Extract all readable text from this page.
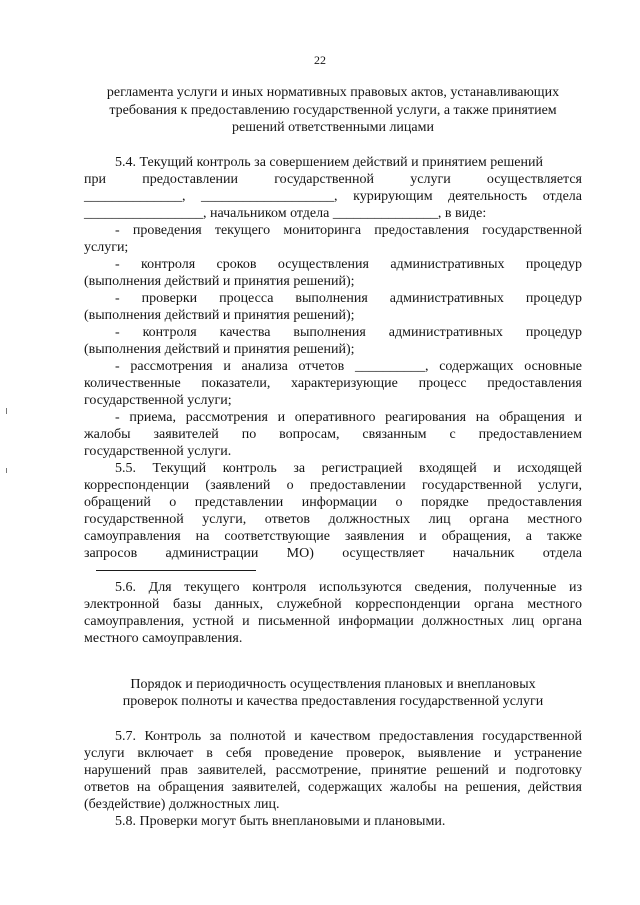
22
регламента услуги и иных нормативных правовых актов, устанавливающих
требования к предоставлению государственной услуги, а также принятием
решений ответственными лицами
5.4. Текущий контроль за совершением действий и принятием решений
при предоставлении государственной услуги осуществляется
______________, ___________________, курирующим деятельность отдела
_________________, начальником отдела _______________, в виде:
- проведения текущего мониторинга предоставления государственной
услуги;
- контроля сроков осуществления административных процедур
(выполнения действий и принятия решений);
- проверки процесса выполнения административных процедур
(выполнения действий и принятия решений);
- контроля качества выполнения административных процедур
(выполнения действий и принятия решений);
- рассмотрения и анализа отчетов __________, содержащих основные
количественные показатели, характеризующие процесс предоставления
государственной услуги;
- приема, рассмотрения и оперативного реагирования на обращения и
жалобы заявителей по вопросам, связанным с предоставлением
государственной услуги.
5.5. Текущий контроль за регистрацией входящей и исходящей
корреспонденции (заявлений о предоставлении государственной услуги,
обращений о представлении информации о порядке предоставления
государственной услуги, ответов должностных лиц органа местного
самоуправления на соответствующие заявления и обращения, а также
запросов администрации МО) осуществляет начальник отдела
5.6. Для текущего контроля используются сведения, полученные из
электронной базы данных, служебной корреспонденции органа местного
самоуправления, устной и письменной информации должностных лиц органа
местного самоуправления.
Порядок и периодичность осуществления плановых и внеплановых
проверок полноты и качества предоставления государственной услуги
5.7. Контроль за полнотой и качеством предоставления государственной
услуги включает в себя проведение проверок, выявление и устранение
нарушений прав заявителей, рассмотрение, принятие решений и подготовку
ответов на обращения заявителей, содержащих жалобы на решения, действия
(бездействие) должностных лиц.
5.8. Проверки могут быть внеплановыми и плановыми.
